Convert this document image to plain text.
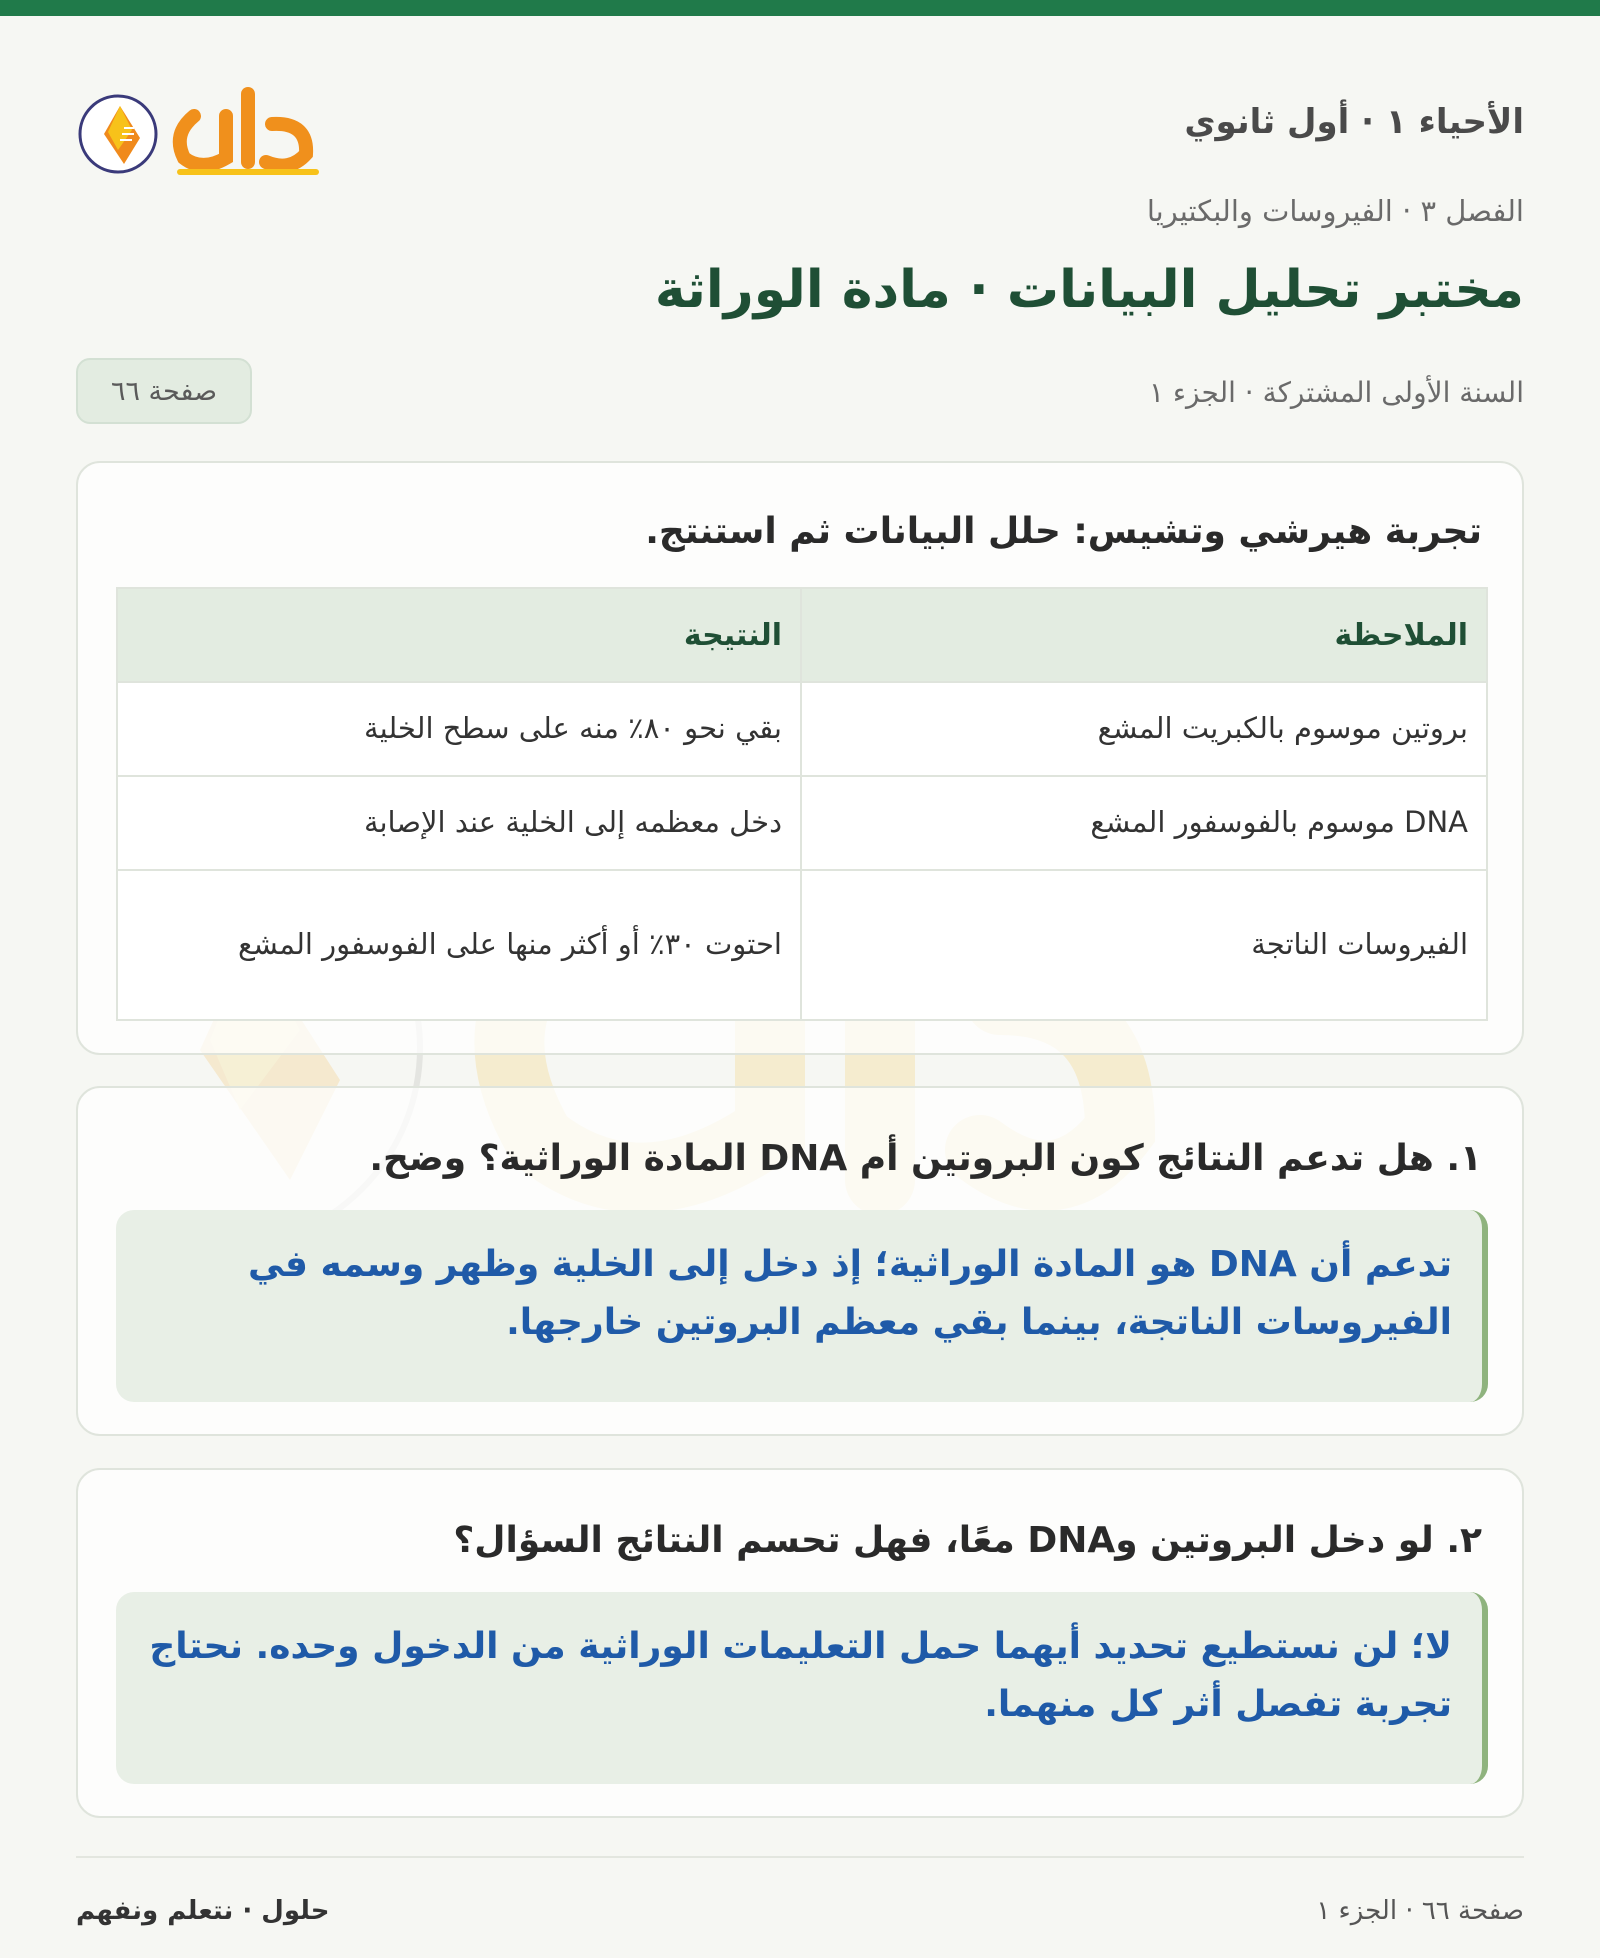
الأحياء ١ · أول ثانوي
الفصل ٣ · الفيروسات والبكتيريا
مختبر تحليل البيانات · مادة الوراثة
السنة الأولى المشتركة · الجزء ١
صفحة ٦٦
تجربة هيرشي وتشيس: حلل البيانات ثم استنتج.
الملاحظة	النتيجة
بروتين موسوم بالكبريت المشع	بقي نحو ٨٠٪ منه على سطح الخلية
DNA موسوم بالفوسفور المشع	دخل معظمه إلى الخلية عند الإصابة
الفيروسات الناتجة	احتوت ٣٠٪ أو أكثر منها على الفوسفور المشع
١. هل تدعم النتائج كون البروتين أم DNA المادة الوراثية؟ وضح.

تدعم أن DNA هو المادة الوراثية؛ إذ دخل إلى الخلية وظهر وسمه في الفيروسات الناتجة، بينما بقي معظم البروتين خارجها.

٢. لو دخل البروتين وDNA معًا، فهل تحسم النتائج السؤال؟

لا؛ لن نستطيع تحديد أيهما حمل التعليمات الوراثية من الدخول وحده. نحتاج تجربة تفصل أثر كل منهما.

صفحة ٦٦ · الجزء ١
حلول · نتعلم ونفهم
